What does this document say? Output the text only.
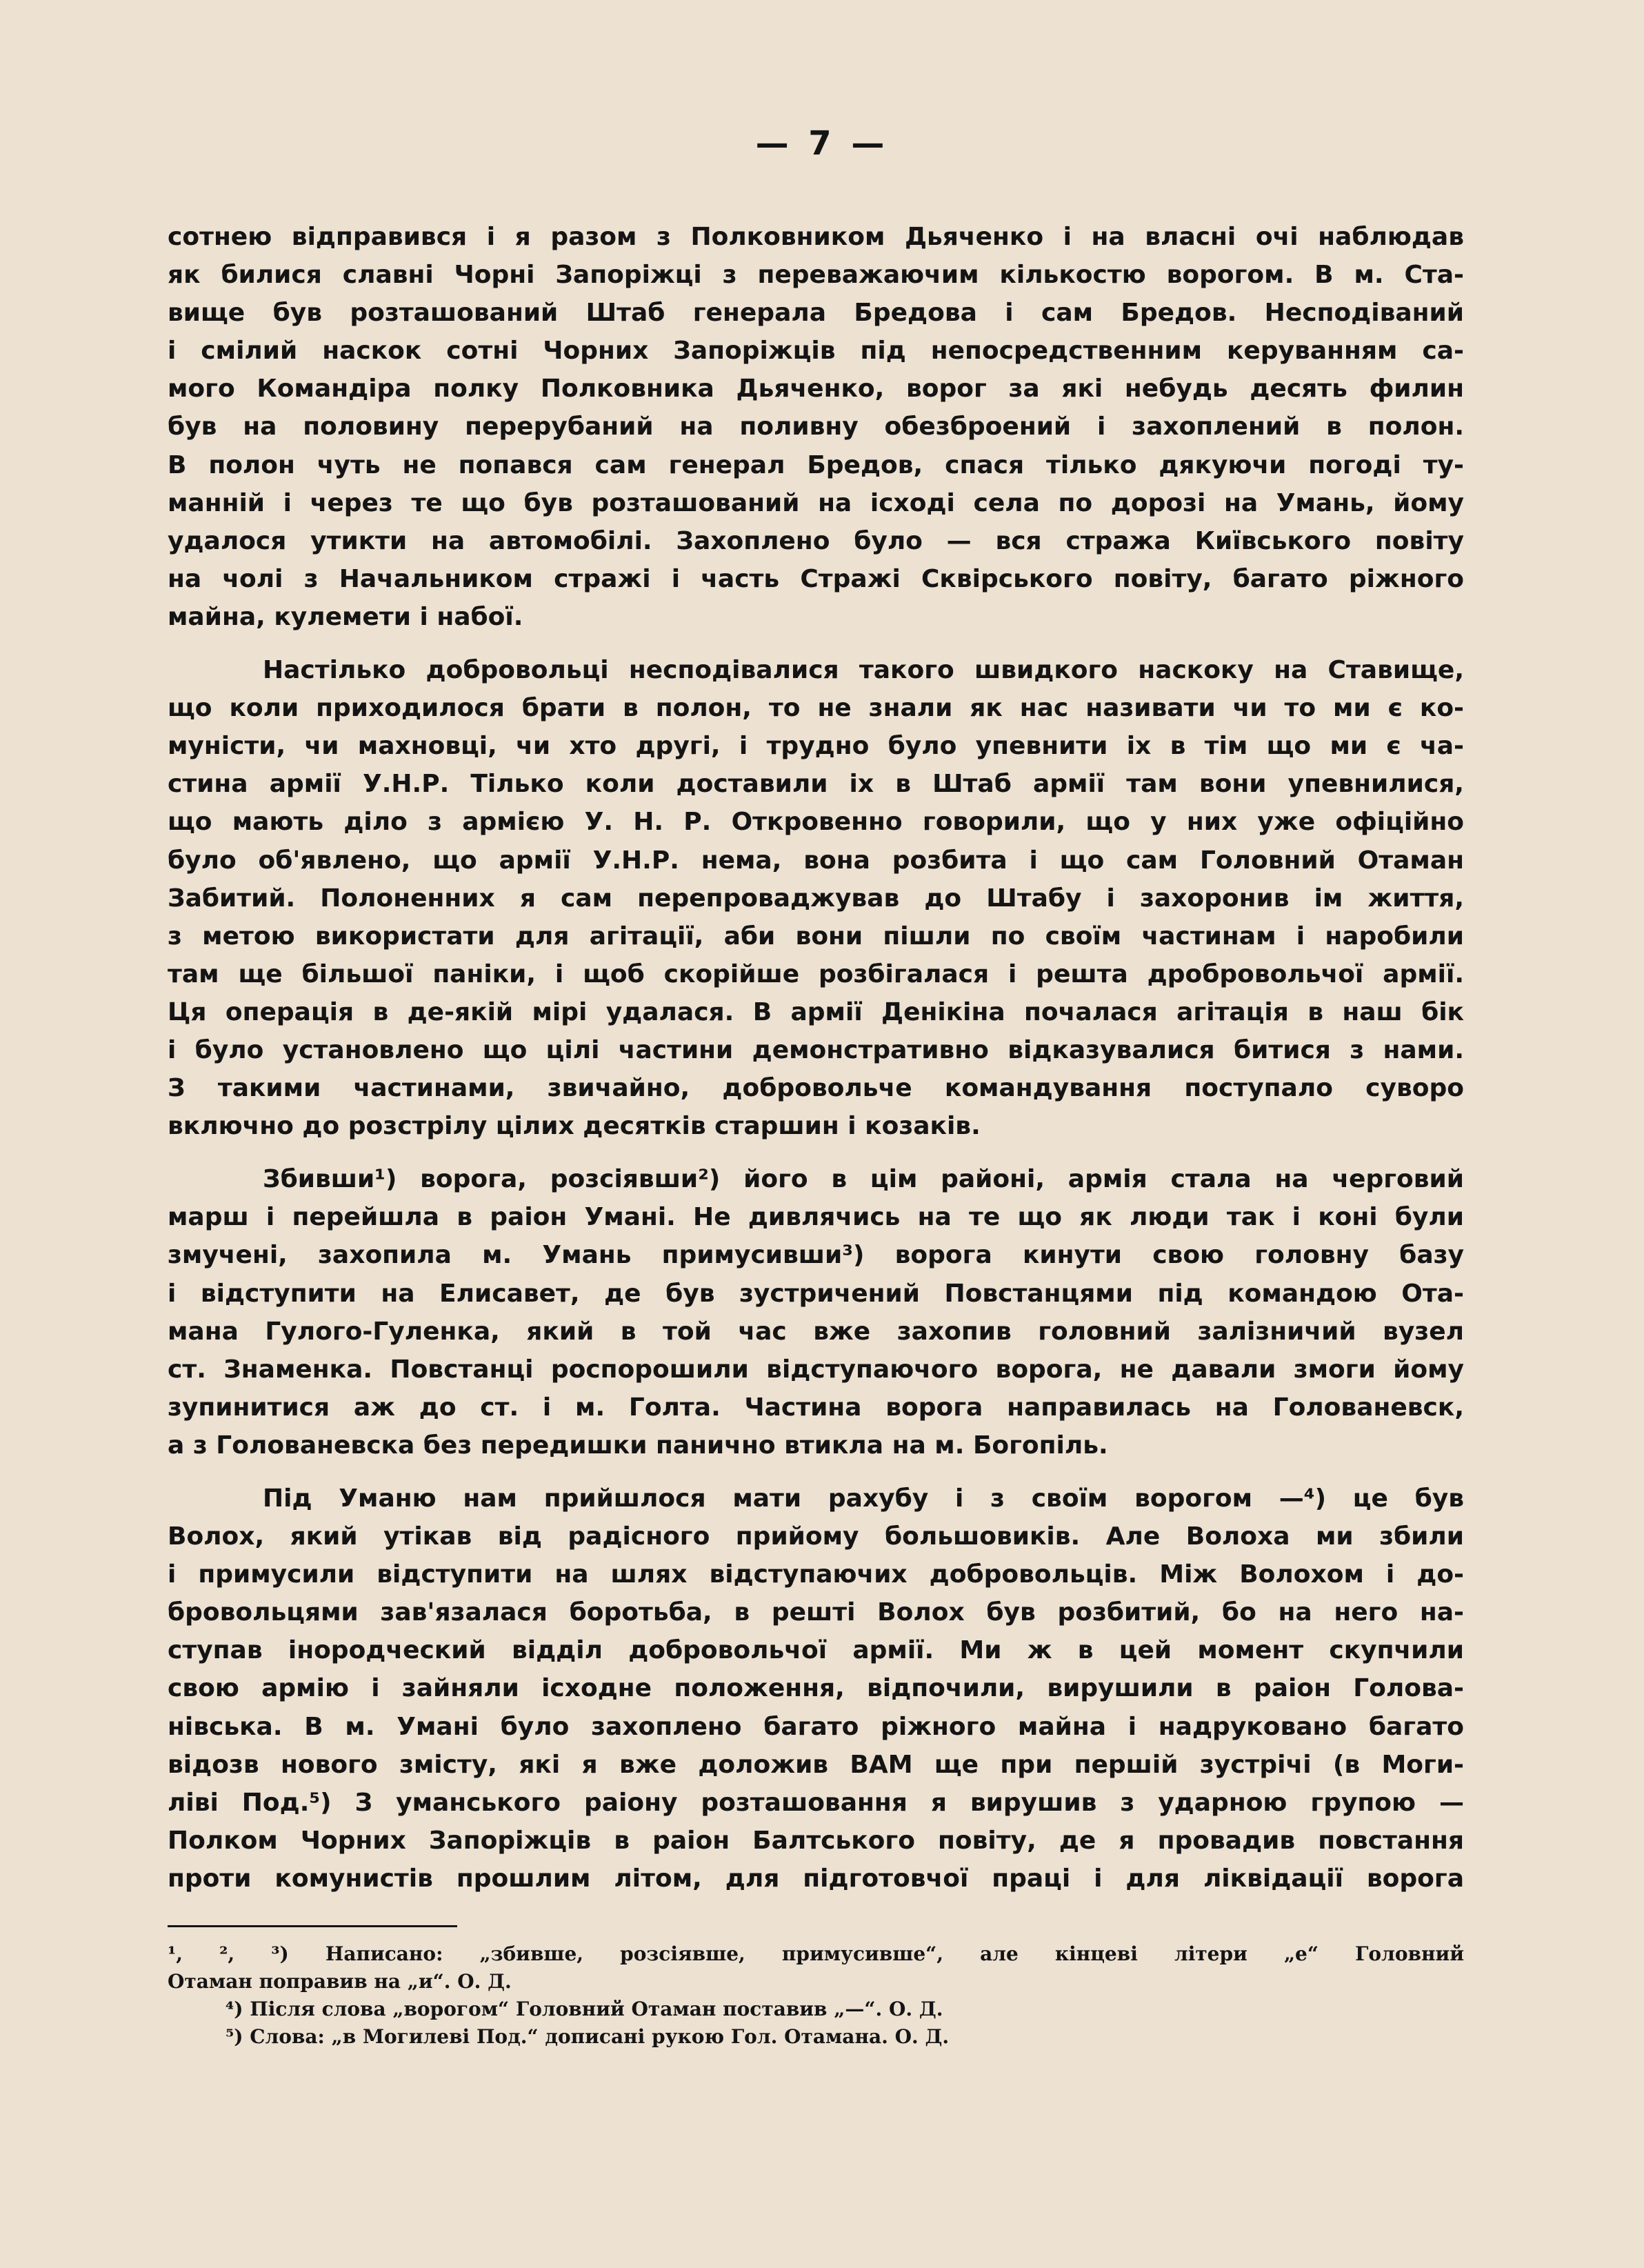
— 7 —
сотнею відправився і я разом з Полковником Дьяченко і на власні очі наблюдав
як билися славні Чорні Запоріжці з переважаючим кількостю ворогом. В м. Ста-
вище був розташований Штаб генерала Бредова і сам Бредов. Несподіваний
і смілий наскок сотні Чорних Запоріжців під непосредственним керуванням са-
мого Командіра полку Полковника Дьяченко, ворог за які небудь десять филин
був на половину перерубаний на поливну обезброений і захоплений в полон.
В полон чуть не попався сам генерал Бредов, спася тілько дякуючи погоді ту-
манній і через те що був розташований на ісході села по дорозі на Умань, йому
удалося утикти на автомобілі. Захоплено було — вся стража Київського повіту
на чолі з Начальником стражі і часть Стражі Сквірського повіту, багато ріжного
майна, кулемети і набої.
Настілько добровольці несподівалися такого швидкого наскоку на Ставище,
що коли приходилося брати в полон, то не знали як нас називати чи то ми є ко-
муністи, чи махновці, чи хто другі, і трудно було упевнити іх в тім що ми є ча-
стина армії У.Н.Р. Тілько коли доставили іх в Штаб армії там вони упевнилися,
що мають діло з армією У. Н. Р. Откровенно говорили, що у них уже офіційно
було об'явлено, що армії У.Н.Р. нема, вона розбита і що сам Головний Отаман
Забитий. Полоненних я сам перепроваджував до Штабу і захоронив ім життя,
з метою використати для агітації, аби вони пішли по своїм частинам і наробили
там ще більшої паніки, і щоб скорійше розбігалася і решта дробровольчої армії.
Ця операція в де-якій мірі удалася. В армії Денікіна почалася агітація в наш бік
і було установлено що цілі частини демонстративно відказувалися битися з нами.
З такими частинами, звичайно, добровольче командування поступало суворо
включно до розстрілу цілих десятків старшин і козаків.
Збивши¹) ворога, розсіявши²) його в цім районі, армія стала на черговий
марш і перейшла в раіон Умані. Не дивлячись на те що як люди так і коні були
змучені, захопила м. Умань примусивши³) ворога кинути свою головну базу
і відступити на Елисавет, де був зустричений Повстанцями під командою Ота-
мана Гулого-Гуленка, який в той час вже захопив головний залізничий вузел
ст. Знаменка. Повстанці роспорошили відступаючого ворога, не давали змоги йому
зупинитися аж до ст. і м. Голта. Частина ворога направилась на Голованевск,
а з Голованевска без передишки панично втикла на м. Богопіль.
Під Уманю нам прийшлося мати рахубу і з своїм ворогом —⁴) це був
Волох, який утікав від радісного прийому большовиків. Але Волоха ми збили
і примусили відступити на шлях відступаючих добровольців. Між Волохом і до-
бровольцями зав'язалася боротьба, в решті Волох був розбитий, бо на него на-
ступав інородческий відділ добровольчої армії. Ми ж в цей момент скупчили
свою армію і зайняли ісходне положення, відпочили, вирушили в раіон Голова-
нівська. В м. Умані було захоплено багато ріжного майна і надруковано багато
відозв нового змісту, які я вже доложив ВАМ ще при першій зустрічі (в Моги-
ліві Под.⁵) З уманського раіону розташовання я вирушив з ударною групою —
Полком Чорних Запоріжців в раіон Балтського повіту, де я провадив повстання
проти комунистів прошлим літом, для підготовчої праці і для ліквідації ворога
¹, ², ³) Написано: „збивше, розсіявше, примусивше“, але кінцеві літери „е“ Головний
Отаман поправив на „и“. О. Д.
⁴) Після слова „ворогом“ Головний Отаман поставив „—“. О. Д.
⁵) Слова: „в Могилеві Под.“ дописані рукою Гол. Отамана. О. Д.
